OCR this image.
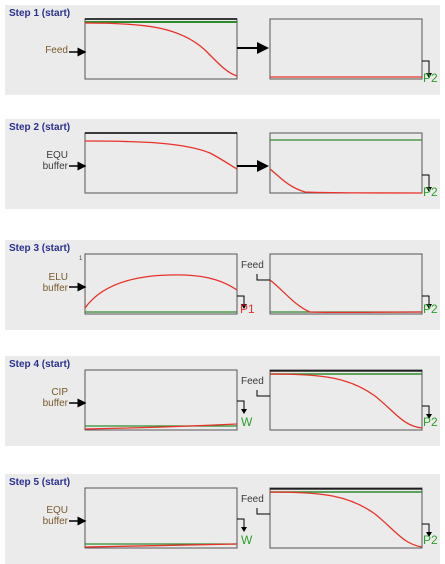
Step 1 (start)
Feed
P2
Step 2 (start)
EQU
buffer
P2
Step 3 (start)
1
ELU
buffer
Feed
P1	P2
Step 4 (start)
CIP
buffer
Feed
W	P2
Step 5 (start)
EQU
buffer
Feed
W	P2
